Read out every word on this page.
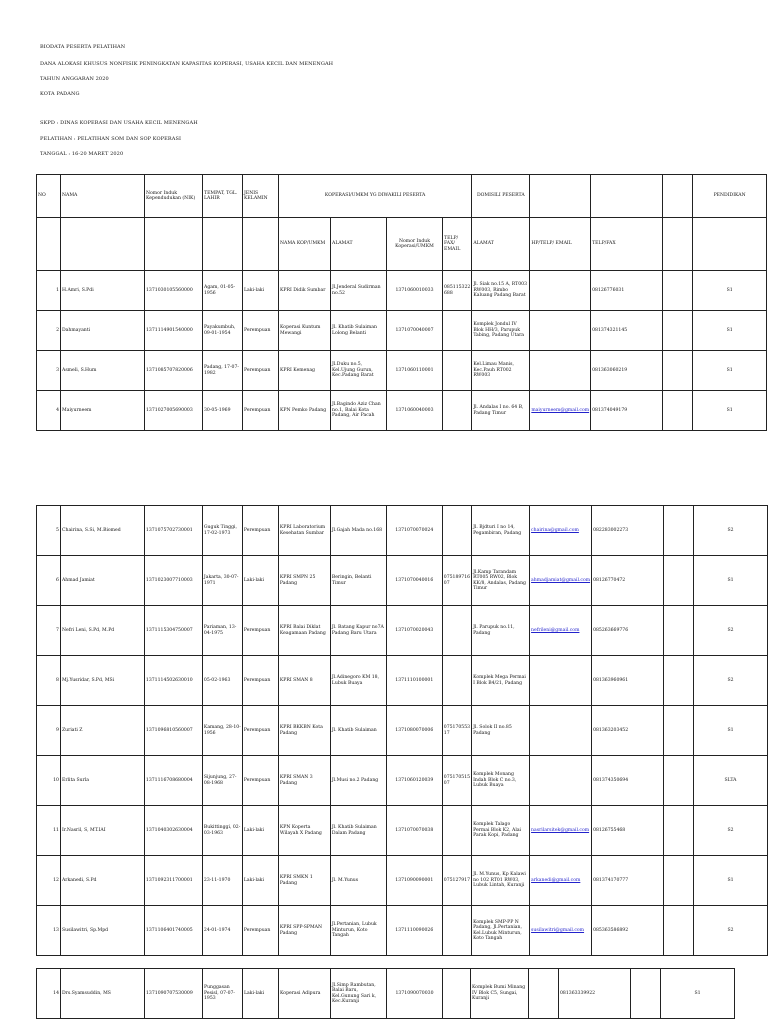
BIODATA PESERTA PELATIHAN
DANA ALOKASI KHUSUS NONFISIK PENINGKATAN KAPASITAS KOPERASI, USAHA KECIL DAN MENENGAH
TAHUN ANGGARAN 2020
KOTA PADANG
SKPD : DINAS KOPERASI DAN USAHA KECIL MENENGAH
PELATIHAN : PELATIHAN SOM DAN SOP KOPERASI
TANGGAL : 16-20 MARET 2020
NO	NAMA	Nomor Induk Kependudukan (NIK)	TEMPAT, TGL. LAHIR	JENIS KELAMIN	KOPERASI/UMKM YG DIWAKILI PESERTA				DOMISILI PESERTA				PENDIDIKAN
					NAMA KOP/UMKM	ALAMAT	Nomor Induk Koperasi/UMKM	TELP/ FAX/ EMAIL	ALAMAT	HP/TELP/ EMAIL	TELP/FAX		
1	H.Amri, S.Pdi	1371030105560000	Agam, 01-05-1956	Laki-laki	KPRI Didik Sumbar	Jl.Jenderal Sudirman no.52	1371060010033	085115322 688	Jl. Siak no.15 A, RT003 RW003, Rimbo Kaluang Padang Barat		08126776031		S1
2	Dahmayanti	1371114901540000	Payakumbuh, 09-01-1954	Perempuan	Koperasi Kuntum Mewangi	Jl. Khatib Sulaiman Lolong Belanti	1371070040007		Komplek Jondul IV Blok HH/3, Parupuk Tabing, Padang Utara		081374321145		S1
3	Asmeli, S.Hum	1371085707820006	Padang, 17-07-1982	Perempuan	KPRI Kemenag	Jl.Duku no.5, Kel.Ujung Gurun, Kec.Padang Barat	1371060110001		Kel.Limau Manis, Kec.Pauh RT002 RW003		081363060219		S1
4	Maiyurneem	1371027005690003	30-05-1969	Perempuan	KPN Pemko Padang	Jl.Bagindo Aziz Chan no.1, Balai Kota Padang, Air Pacah	1371060040003		Jl. Andalas I no. 64 B, Padang Timur	maiyurneem@gmail.com	081374049179		S1
5	Chairina, S.Si, M.Biomed	1371075702730001	Guguk Tinggi, 17-02-1973	Perempuan	KPRI Laboratorium Kesehatan Sumbar	Jl.Gajah Mada no.168	1371070070024		Jl. Bjdturi I no 14, Pegambiran, Padang	chairina@gmail.com	082283002273		S2
6	Ahmad Jamiat	1371023007710003	Jakarta, 30-07-1971	Laki-laki	KPRI SMPN 25 Padang	Beringin, Belanti Timur	1371070040016	075189716 07	Jl.Kamp Tarandam RT005 RW02, Blok KK/8, Andalas, Padang Timur	ahmadjamiat@gmail.com	08126770472		S1
7	Nefri Leni, S.Pd, M.Pd	1371115304750007	Pariaman, 13-04-1975	Perempuan	KPRI Balai Diklat Keagamaan Padang	Jl. Batang Kapur no7A Padang Baru Utara	1371070020043		Jl. Parupuk no.11, Padang	nefrileni@gmail.com	085263669776		S2
8	Mj.Yusridar, S.Pd, MSi	1371114502630010	05-02-1963	Perempuan	KPRI SMAN 8	Jl.Adinegoro KM 18, Lubuk Buaya	1371110100001		Komplek Mega Permai I Blok B4/21, Padang		081363960961		S2
9	Zuriati Z	1371096810560007	Kamang, 28-10-1956	Perempuan	KPRI BKKBN Kota Padang	Jl. Khatib Sulaiman	1371080070006	075170553 17	Jl. Solok II no.85 Padang		081363203452		S1
10	Erlita Surla	1371116708680004	Sijunjung, 27-08-1968	Perempuan	KPRI SMAN 3 Padang	Jl.Musi no.2 Padang	1371060120039	075170515 07	Komplek Monang Indah Blok C no.3, Lubuk Buaya		081374350694		SLTA
11	Ir.Nasril, S, MT.IAI	1371040302630004	Bukittinggi, 02-03-1963	Laki-laki	KPN Koperta Wilayah X Padang	Jl. Khatib Sulaiman Dalam Padang	1371070070038		Komplek Talago Permai Blok K2, Alai Parak Kopi, Padang	nasrilarsitek@gmail.com	08126755468		S2
12	Arkanedi, S.Pd	1371092311700001	23-11-1970	Laki-laki	KPRI SMKN 1 Padang	Jl. M.Yunus	1371090090001	075127917	Jl. M.Yunus, Kp Kalawi no 102 RT01 RW03, Lubuk Lintah, Kuranji	arkanedi@gmail.com	081374170777		S1
13	Susilawitri, Sp.Mpd	1371106401740005	24-01-1974	Perempuan	KPRI SPP-SPMAN Padang	Jl.Pertanian, Lubuk Minturun, Koto Tangah	1371110090026		Komplek SMP-PP N Padang, Jl.Pertanian, Kel.Lubuk Minturun, Koto Tangah	susilawitri@gmail.com	085363586892		S2
14	Drs.Syamsuddin, MS	1371090707530009	Punggasan Pesisl, 07-07-1953	Laki-laki	Koperasi Adipura	Jl.Simp Rambutan, Balai Baru, Kel.Gunung Sari k, Kec.Kuranji	1371090070030		Komplek Bumi Minang IV Blok C5, Sungai, Kuranji		081363339922		S1
